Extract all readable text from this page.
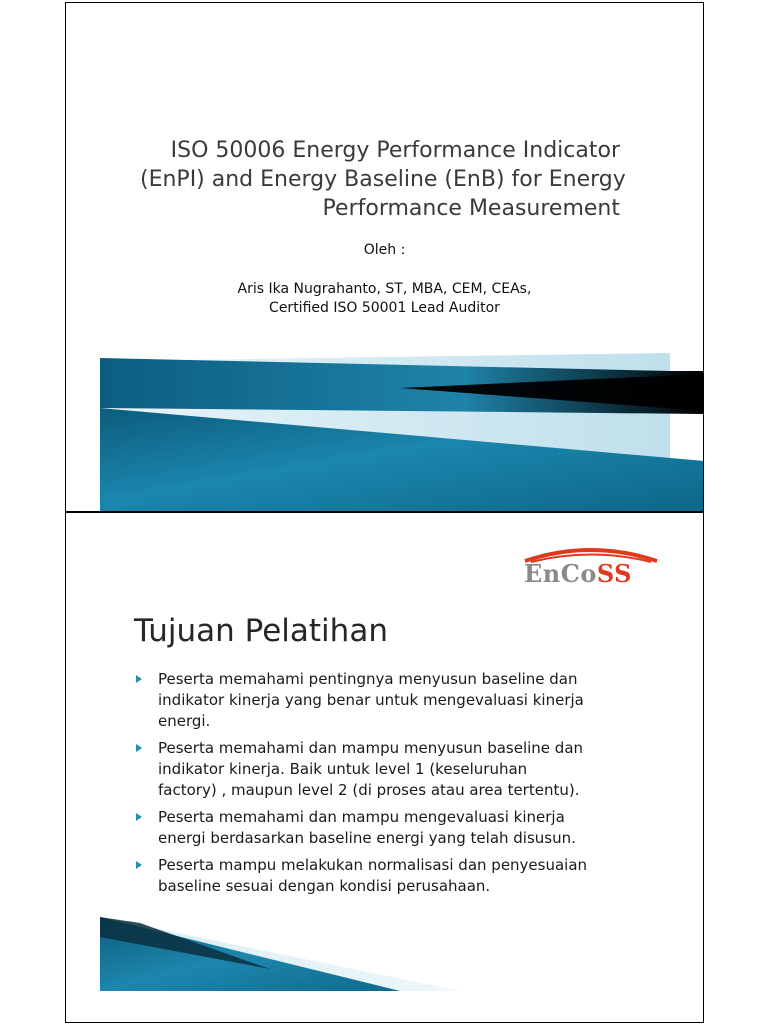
ISO 50006 Energy Performance Indicator
(EnPI) and Energy Baseline (EnB) for Energy
Performance Measurement
Oleh :
Aris Ika Nugrahanto, ST, MBA, CEM, CEAs,
Certified ISO 50001 Lead Auditor
EnCoSS
Tujuan Pelatihan
Peserta memahami pentingnya menyusun baseline dan
indikator kinerja yang benar untuk mengevaluasi kinerja
energi.
Peserta memahami dan mampu menyusun baseline dan
indikator kinerja. Baik untuk level 1 (keseluruhan
factory) , maupun level 2 (di proses atau area tertentu).
Peserta memahami dan mampu mengevaluasi kinerja
energi berdasarkan baseline energi yang telah disusun.
Peserta mampu melakukan normalisasi dan penyesuaian
baseline sesuai dengan kondisi perusahaan.
